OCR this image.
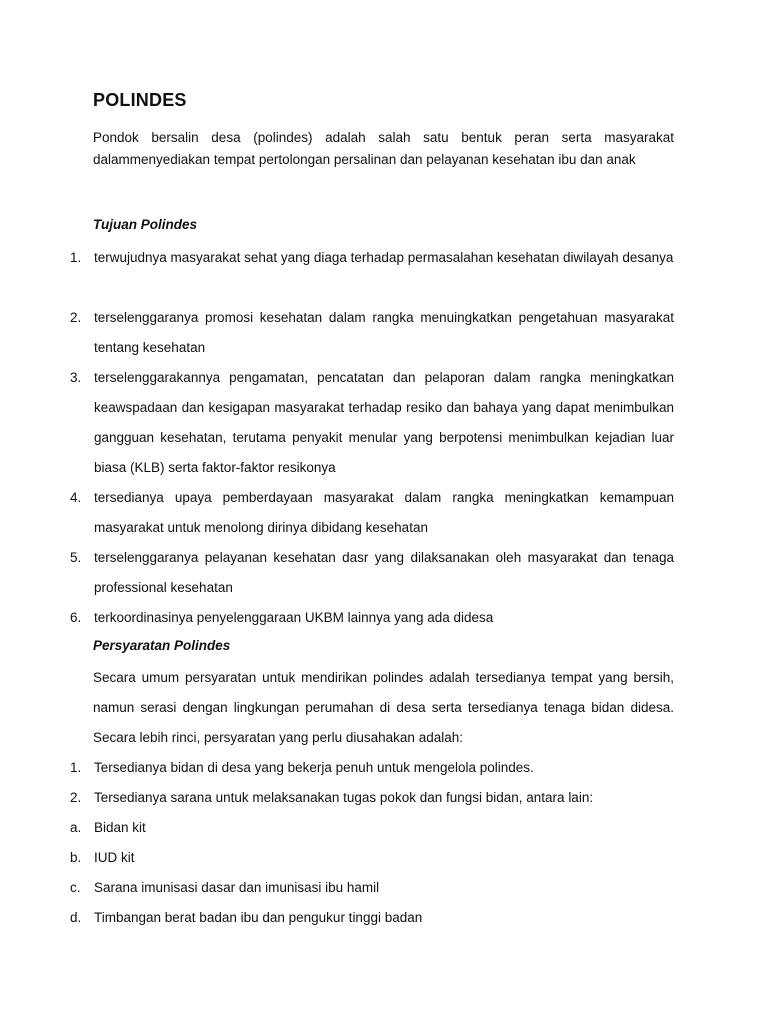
POLINDES
Pondok bersalin desa (polindes) adalah salah satu bentuk peran serta masyarakat dalammenyediakan tempat pertolongan persalinan dan pelayanan kesehatan ibu dan anak
Tujuan Polindes
1. terwujudnya masyarakat sehat yang diaga terhadap permasalahan kesehatan diwilayah desanya
2. terselenggaranya promosi kesehatan dalam rangka menuingkatkan pengetahuan masyarakat tentang kesehatan
3. terselenggarakannya pengamatan, pencatatan dan pelaporan dalam rangka meningkatkan keawspadaan dan kesigapan masyarakat terhadap resiko dan bahaya yang dapat menimbulkan gangguan kesehatan, terutama penyakit menular yang berpotensi menimbulkan kejadian luar biasa (KLB) serta faktor-faktor resikonya
4. tersedianya upaya pemberdayaan masyarakat dalam rangka meningkatkan kemampuan masyarakat untuk menolong dirinya dibidang kesehatan
5. terselenggaranya pelayanan kesehatan dasr yang dilaksanakan oleh masyarakat dan tenaga professional kesehatan
6. terkoordinasinya penyelenggaraan UKBM lainnya yang ada didesa
Persyaratan Polindes
Secara umum persyaratan untuk mendirikan polindes adalah tersedianya tempat yang bersih, namun serasi dengan lingkungan perumahan di desa serta tersedianya tenaga bidan didesa. Secara lebih rinci, persyaratan yang perlu diusahakan adalah:
1. Tersedianya bidan di desa yang bekerja penuh untuk mengelola polindes.
2. Tersedianya sarana untuk melaksanakan tugas pokok dan fungsi bidan, antara lain:
a. Bidan kit
b. IUD kit
c. Sarana imunisasi dasar dan imunisasi ibu hamil
d. Timbangan berat badan ibu dan pengukur tinggi badan
